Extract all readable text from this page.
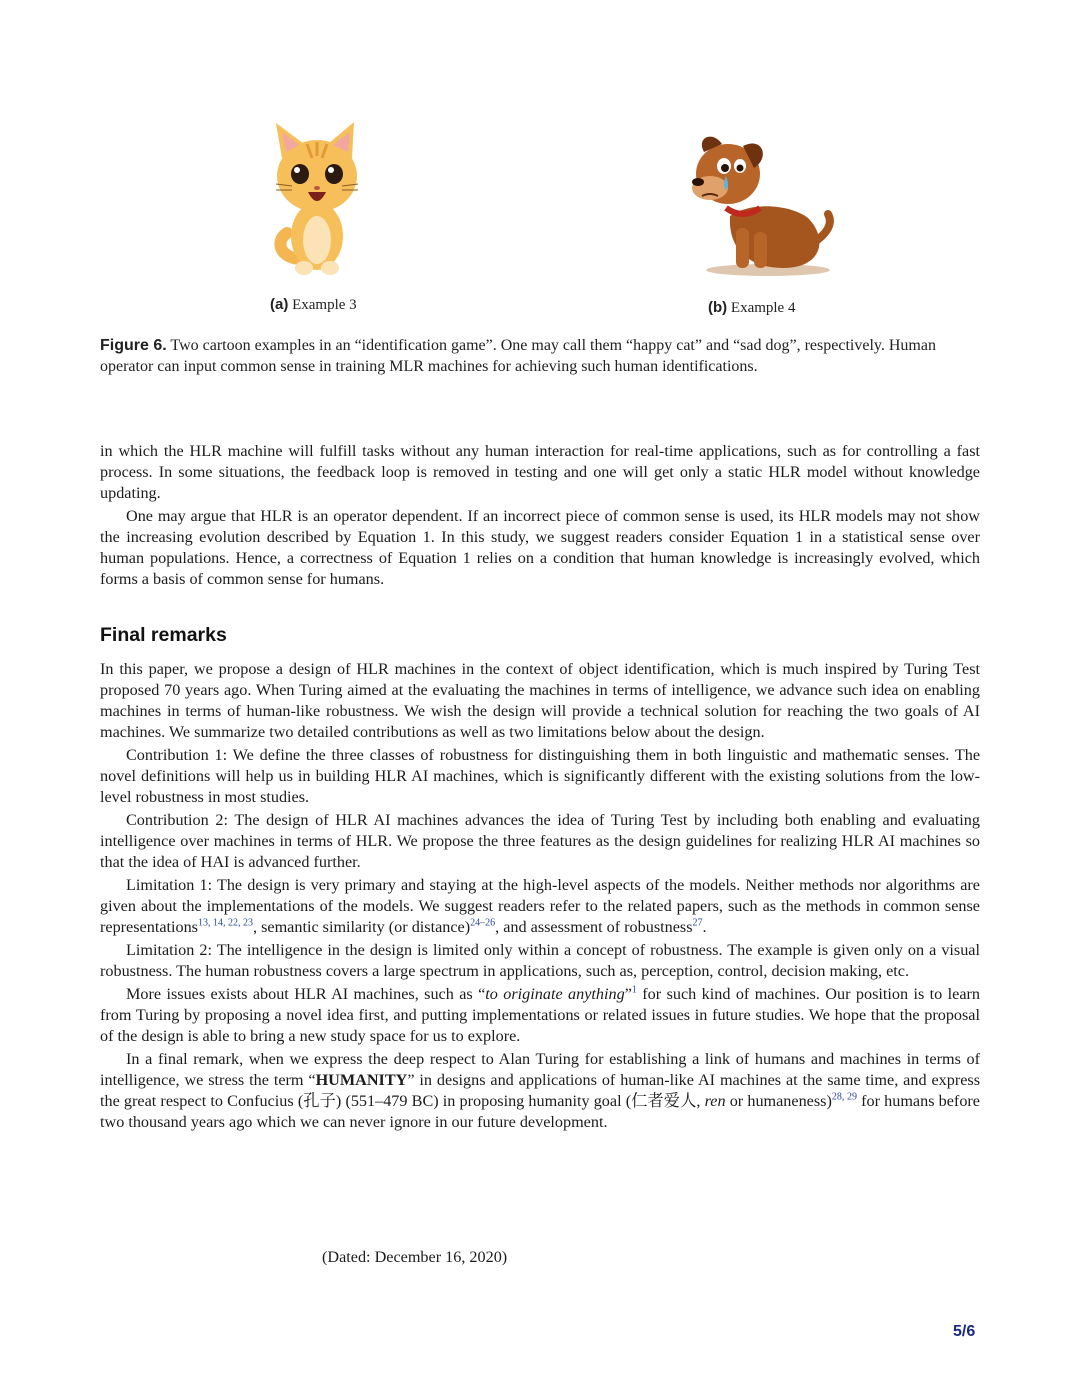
(a) Example 3	(b) Example 4
Figure 6. Two cartoon examples in an “identification game”. One may call them “happy cat” and “sad dog”, respectively. Human operator can input common sense in training MLR machines for achieving such human identifications.

in which the HLR machine will fulfill tasks without any human interaction for real-time applications, such as for controlling a fast process. In some situations, the feedback loop is removed in testing and one will get only a static HLR model without knowledge updating.

One may argue that HLR is an operator dependent. If an incorrect piece of common sense is used, its HLR models may not show the increasing evolution described by Equation 1. In this study, we suggest readers consider Equation 1 in a statistical sense over human populations. Hence, a correctness of Equation 1 relies on a condition that human knowledge is increasingly evolved, which forms a basis of common sense for humans.

Final remarks

In this paper, we propose a design of HLR machines in the context of object identification, which is much inspired by Turing Test proposed 70 years ago. When Turing aimed at the evaluating the machines in terms of intelligence, we advance such idea on enabling machines in terms of human-like robustness. We wish the design will provide a technical solution for reaching the two goals of AI machines. We summarize two detailed contributions as well as two limitations below about the design.

Contribution 1: We define the three classes of robustness for distinguishing them in both linguistic and mathematic senses. The novel definitions will help us in building HLR AI machines, which is significantly different with the existing solutions from the low-level robustness in most studies.

Contribution 2: The design of HLR AI machines advances the idea of Turing Test by including both enabling and evaluating intelligence over machines in terms of HLR. We propose the three features as the design guidelines for realizing HLR AI machines so that the idea of HAI is advanced further.

Limitation 1: The design is very primary and staying at the high-level aspects of the models. Neither methods nor algorithms are given about the implementations of the models. We suggest readers refer to the related papers, such as the methods in common sense representations$^{13, 14, 22, 23}$, semantic similarity (or distance)$^{24-26}$, and assessment of robustness$^{27}$.

Limitation 2: The intelligence in the design is limited only within a concept of robustness. The example is given only on a visual robustness. The human robustness covers a large spectrum in applications, such as, perception, control, decision making, etc.

More issues exists about HLR AI machines, such as “to originate anything”$^1$ for such kind of machines. Our position is to learn from Turing by proposing a novel idea first, and putting implementations or related issues in future studies. We hope that the proposal of the design is able to bring a new study space for us to explore.

In a final remark, when we express the deep respect to Alan Turing for establishing a link of humans and machines in terms of intelligence, we stress the term “HUMANITY” in designs and applications of human-like AI machines at the same time, and express the great respect to Confucius (孔子) (551–479 BC) in proposing humanity goal (仁者爱人, ren or humaneness)$^{28, 29}$ for humans before two thousand years ago which we can never ignore in our future development.

(Dated: December 16, 2020)
5/6
